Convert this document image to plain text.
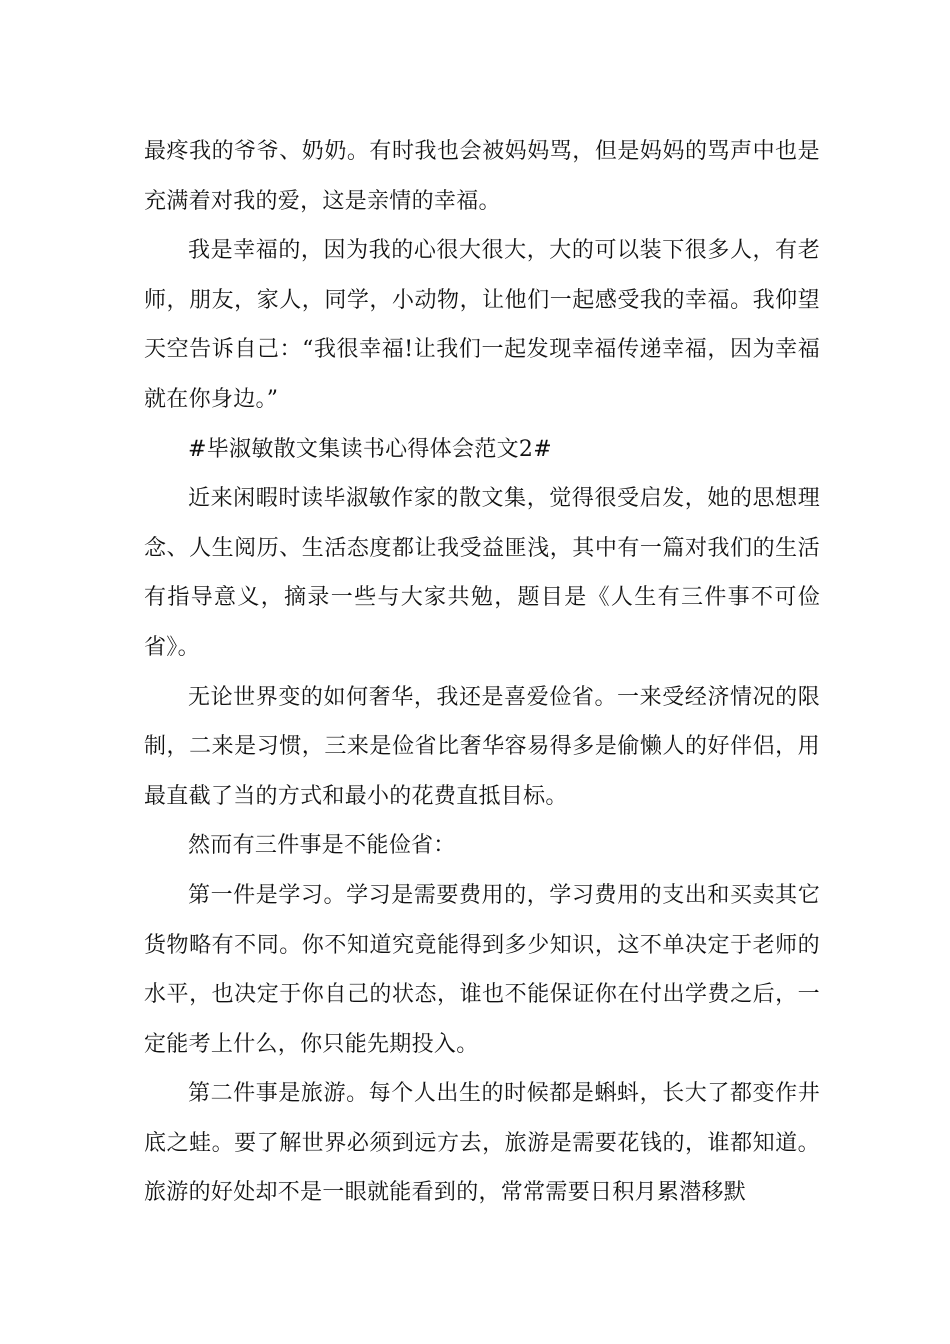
最疼我的爷爷、奶奶。有时我也会被妈妈骂，但是妈妈的骂声中也是充满着对我的爱，这是亲情的幸福。

我是幸福的，因为我的心很大很大，大的可以装下很多人，有老师，朋友，家人，同学，小动物，让他们一起感受我的幸福。我仰望天空告诉自己：“我很幸福!让我们一起发现幸福传递幸福，因为幸福就在你身边。”

#毕淑敏散文集读书心得体会范文2#

近来闲暇时读毕淑敏作家的散文集，觉得很受启发，她的思想理念、人生阅历、生活态度都让我受益匪浅，其中有一篇对我们的生活有指导意义，摘录一些与大家共勉，题目是《人生有三件事不可俭省》。

无论世界变的如何奢华，我还是喜爱俭省。一来受经济情况的限制，二来是习惯，三来是俭省比奢华容易得多是偷懒人的好伴侣，用最直截了当的方式和最小的花费直抵目标。

然而有三件事是不能俭省：

第一件是学习。学习是需要费用的，学习费用的支出和买卖其它货物略有不同。你不知道究竟能得到多少知识，这不单决定于老师的水平，也决定于你自己的状态，谁也不能保证你在付出学费之后，一定能考上什么，你只能先期投入。

第二件事是旅游。每个人出生的时候都是蝌蚪，长大了都变作井底之蛙。要了解世界必须到远方去，旅游是需要花钱的，谁都知道。旅游的好处却不是一眼就能看到的，常常需要日积月累潜移默
